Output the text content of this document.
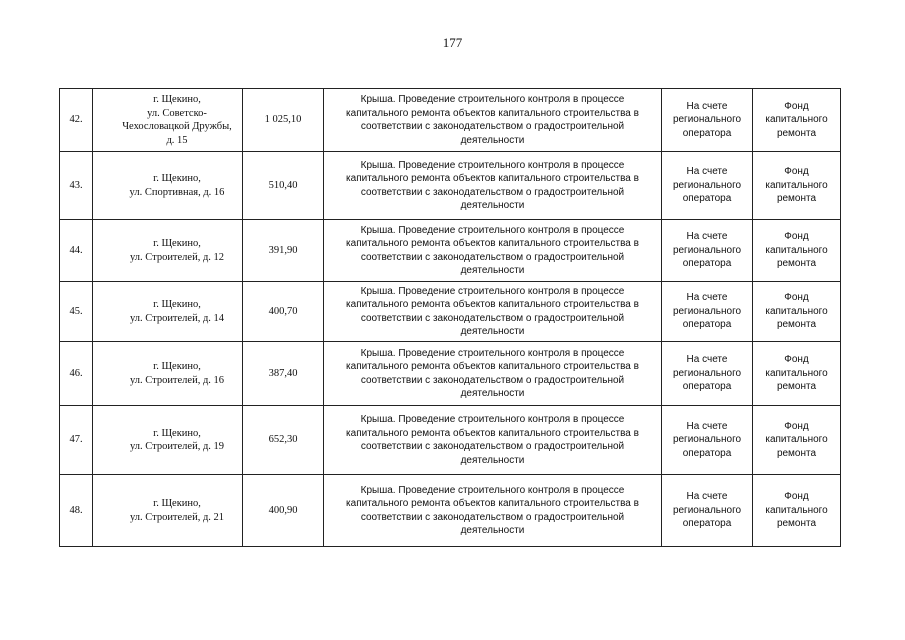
177
42.	г. Щекино,
ул. Советско-
Чехословацкой Дружбы,
д. 15	1 025,10	Крыша. Проведение строительного контроля в процессе
капитального ремонта объектов капитального строительства в
соответствии с законодательством о градостроительной
деятельности	На счете
регионального
оператора	Фонд
капитального
ремонта
43.	г. Щекино,
ул. Спортивная, д. 16	510,40	Крыша. Проведение строительного контроля в процессе
капитального ремонта объектов капитального строительства в
соответствии с законодательством о градостроительной
деятельности	На счете
регионального
оператора	Фонд
капитального
ремонта
44.	г. Щекино,
ул. Строителей, д. 12	391,90	Крыша. Проведение строительного контроля в процессе
капитального ремонта объектов капитального строительства в
соответствии с законодательством о градостроительной
деятельности	На счете
регионального
оператора	Фонд
капитального
ремонта
45.	г. Щекино,
ул. Строителей, д. 14	400,70	Крыша. Проведение строительного контроля в процессе
капитального ремонта объектов капитального строительства в
соответствии с законодательством о градостроительной
деятельности	На счете
регионального
оператора	Фонд
капитального
ремонта
46.	г. Щекино,
ул. Строителей, д. 16	387,40	Крыша. Проведение строительного контроля в процессе
капитального ремонта объектов капитального строительства в
соответствии с законодательством о градостроительной
деятельности	На счете
регионального
оператора	Фонд
капитального
ремонта
47.	г. Щекино,
ул. Строителей, д. 19	652,30	Крыша. Проведение строительного контроля в процессе
капитального ремонта объектов капитального строительства в
соответствии с законодательством о градостроительной
деятельности	На счете
регионального
оператора	Фонд
капитального
ремонта
48.	г. Щекино,
ул. Строителей, д. 21	400,90	Крыша. Проведение строительного контроля в процессе
капитального ремонта объектов капитального строительства в
соответствии с законодательством о градостроительной
деятельности	На счете
регионального
оператора	Фонд
капитального
ремонта
